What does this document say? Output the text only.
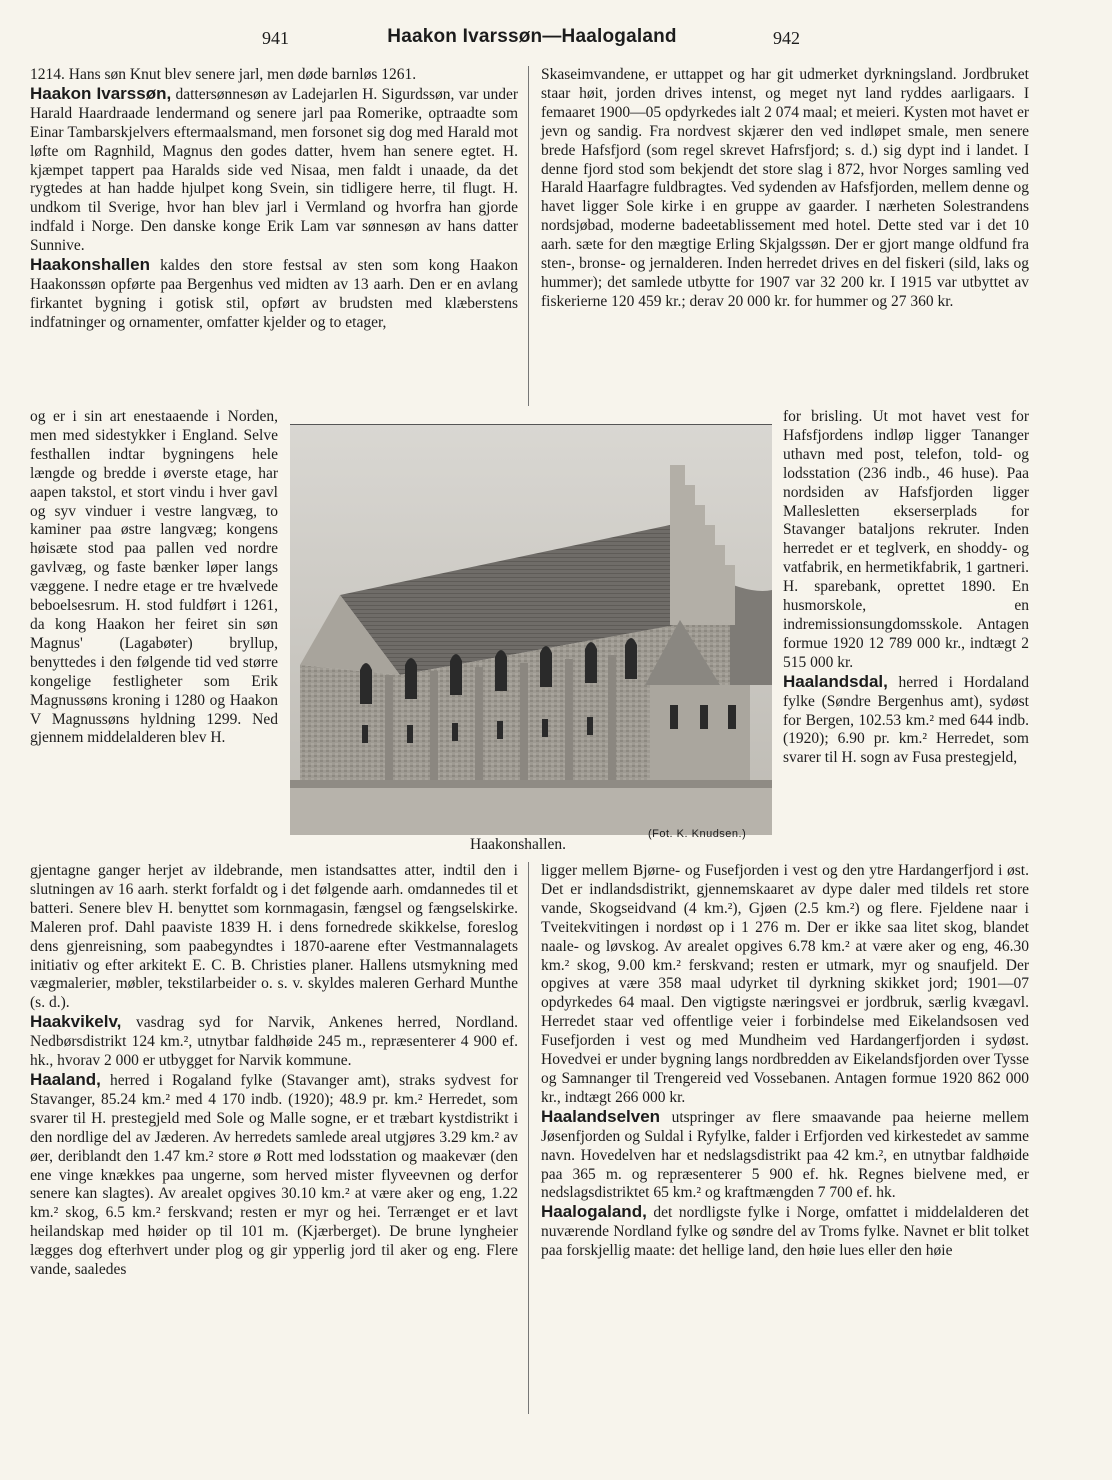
941	Haakon Ivarssøn—Haalogaland	942

1214. Hans søn Knut blev senere jarl, men døde barnløs 1261.

Haakon Ivarssøn, dattersønnesøn av Ladejarlen H. Sigurdssøn, var under Harald Haardraade lendermand og senere jarl paa Romerike, optraadte som Einar Tambarskjelvers eftermaalsmand, men forsonet sig dog med Harald mot løfte om Ragnhild, Magnus den godes datter, hvem han senere egtet. H. kjæmpet tappert paa Haralds side ved Nisaa, men faldt i unaade, da det rygtedes at han hadde hjulpet kong Svein, sin tidligere herre, til flugt. H. undkom til Sverige, hvor han blev jarl i Vermland og hvorfra han gjorde indfald i Norge. Den danske konge Erik Lam var sønnesøn av hans datter Sunnive.

Haakonshallen kaldes den store festsal av sten som kong Haakon Haakonssøn opførte paa Bergenhus ved midten av 13 aarh. Den er en avlang firkantet bygning i gotisk stil, opført av brudsten med klæberstens indfatninger og ornamenter, omfatter kjelder og to etager,

Skaseimvandene, er uttappet og har git udmerket dyrkningsland. Jordbruket staar høit, jorden drives intenst, og meget nyt land ryddes aarligaars. I femaaret 1900—05 opdyrkedes ialt 2 074 maal; et meieri. Kysten mot havet er jevn og sandig. Fra nordvest skjærer den ved indløpet smale, men senere brede Hafsfjord (som regel skrevet Hafrsfjord; s. d.) sig dypt ind i landet. I denne fjord stod som bekjendt det store slag i 872, hvor Norges samling ved Harald Haarfagre fuldbragtes. Ved sydenden av Hafsfjorden, mellem denne og havet ligger Sole kirke i en gruppe av gaarder. I nærheten Solestrandens nordsjøbad, moderne badeetablissement med hotel. Dette sted var i det 10 aarh. sæte for den mægtige Erling Skjalgssøn. Der er gjort mange oldfund fra sten-, bronse- og jernalderen. Inden herredet drives en del fiskeri (sild, laks og hummer); det samlede utbytte for 1907 var 32 200 kr. I 1915 var utbyttet av fiskerierne 120 459 kr.; derav 20 000 kr. for hummer og 27 360 kr.

og er i sin art enestaaende i Norden, men med sidestykker i England. Selve festhallen indtar bygningens hele længde og bredde i øverste etage, har aapen takstol, et stort vindu i hver gavl og syv vinduer i vestre langvæg, to kaminer paa østre langvæg; kongens høisæte stod paa pallen ved nordre gavlvæg, og faste bænker løper langs væggene. I nedre etage er tre hvælvede beboelsesrum. H. stod fuldført i 1261, da kong Haakon her feiret sin søn Magnus' (Lagabøter) bryllup, benyttedes i den følgende tid ved større kongelige festligheter som Erik Magnussøns kroning i 1280 og Haakon V Magnussøns hyldning 1299. Ned gjennem middelalderen blev H.

(Fot. K. Knudsen.)
Haakonshallen.

for brisling. Ut mot havet vest for Hafsfjordens indløp ligger Tananger uthavn med post, telefon, told- og lodsstation (236 indb., 46 huse). Paa nordsiden av Hafsfjorden ligger Mallesletten ekserserplads for Stavanger bataljons rekruter. Inden herredet er et teglverk, en shoddy- og vatfabrik, en hermetikfabrik, 1 gartneri. H. sparebank, oprettet 1890. En husmorskole, en indremissionsungdomsskole. Antagen formue 1920 12 789 000 kr., indtægt 2 515 000 kr.

Haalandsdal, herred i Hordaland fylke (Søndre Bergenhus amt), sydøst for Bergen, 102.53 km.² med 644 indb. (1920); 6.90 pr. km.² Herredet, som svarer til H. sogn av Fusa prestegjeld,

gjentagne ganger herjet av ildebrande, men istandsattes atter, indtil den i slutningen av 16 aarh. sterkt forfaldt og i det følgende aarh. omdannedes til et batteri. Senere blev H. benyttet som kornmagasin, fængsel og fængselskirke. Maleren prof. Dahl paaviste 1839 H. i dens fornedrede skikkelse, foreslog dens gjenreisning, som paabegyndtes i 1870-aarene efter Vestmannalagets initiativ og efter arkitekt E. C. B. Christies planer. Hallens utsmykning med vægmalerier, møbler, tekstilarbeider o. s. v. skyldes maleren Gerhard Munthe (s. d.).

Haakvikelv, vasdrag syd for Narvik, Ankenes herred, Nordland. Nedbørsdistrikt 124 km.², utnytbar faldhøide 245 m., repræsenterer 4 900 ef. hk., hvorav 2 000 er utbygget for Narvik kommune.

Haaland, herred i Rogaland fylke (Stavanger amt), straks sydvest for Stavanger, 85.24 km.² med 4 170 indb. (1920); 48.9 pr. km.² Herredet, som svarer til H. prestegjeld med Sole og Malle sogne, er et træbart kystdistrikt i den nordlige del av Jæderen. Av herredets samlede areal utgjøres 3.29 km.² av øer, deriblandt den 1.47 km.² store ø Rott med lodsstation og maakevær (den ene vinge knækkes paa ungerne, som herved mister flyveevnen og derfor senere kan slagtes). Av arealet opgives 30.10 km.² at være aker og eng, 1.22 km.² skog, 6.5 km.² ferskvand; resten er myr og hei. Terrænget er et lavt heilandskap med høider op til 101 m. (Kjærberget). De brune lyngheier lægges dog efterhvert under plog og gir ypperlig jord til aker og eng. Flere vande, saaledes

ligger mellem Bjørne- og Fusefjorden i vest og den ytre Hardangerfjord i øst. Det er indlandsdistrikt, gjennemskaaret av dype daler med tildels ret store vande, Skogseidvand (4 km.²), Gjøen (2.5 km.²) og flere. Fjeldene naar i Tveitekvitingen i nordøst op i 1 276 m. Der er ikke saa litet skog, blandet naale- og løvskog. Av arealet opgives 6.78 km.² at være aker og eng, 46.30 km.² skog, 9.00 km.² ferskvand; resten er utmark, myr og snaufjeld. Der opgives at være 358 maal udyrket til dyrkning skikket jord; 1901—07 opdyrkedes 64 maal. Den vigtigste næringsvei er jordbruk, særlig kvægavl. Herredet staar ved offentlige veier i forbindelse med Eikelandsosen ved Fusefjorden i vest og med Mundheim ved Hardangerfjorden i sydøst. Hovedvei er under bygning langs nordbredden av Eikelandsfjorden over Tysse og Samnanger til Trengereid ved Vossebanen. Antagen formue 1920 862 000 kr., indtægt 266 000 kr.

Haalandselven utspringer av flere smaavande paa heierne mellem Jøsenfjorden og Suldal i Ryfylke, falder i Erfjorden ved kirkestedet av samme navn. Hovedelven har et nedslagsdistrikt paa 42 km.², en utnytbar faldhøide paa 365 m. og repræsenterer 5 900 ef. hk. Regnes bielvene med, er nedslagsdistriktet 65 km.² og kraftmængden 7 700 ef. hk.

Haalogaland, det nordligste fylke i Norge, omfattet i middelalderen det nuværende Nordland fylke og søndre del av Troms fylke. Navnet er blit tolket paa forskjellig maate: det hellige land, den høie lues eller den høie
